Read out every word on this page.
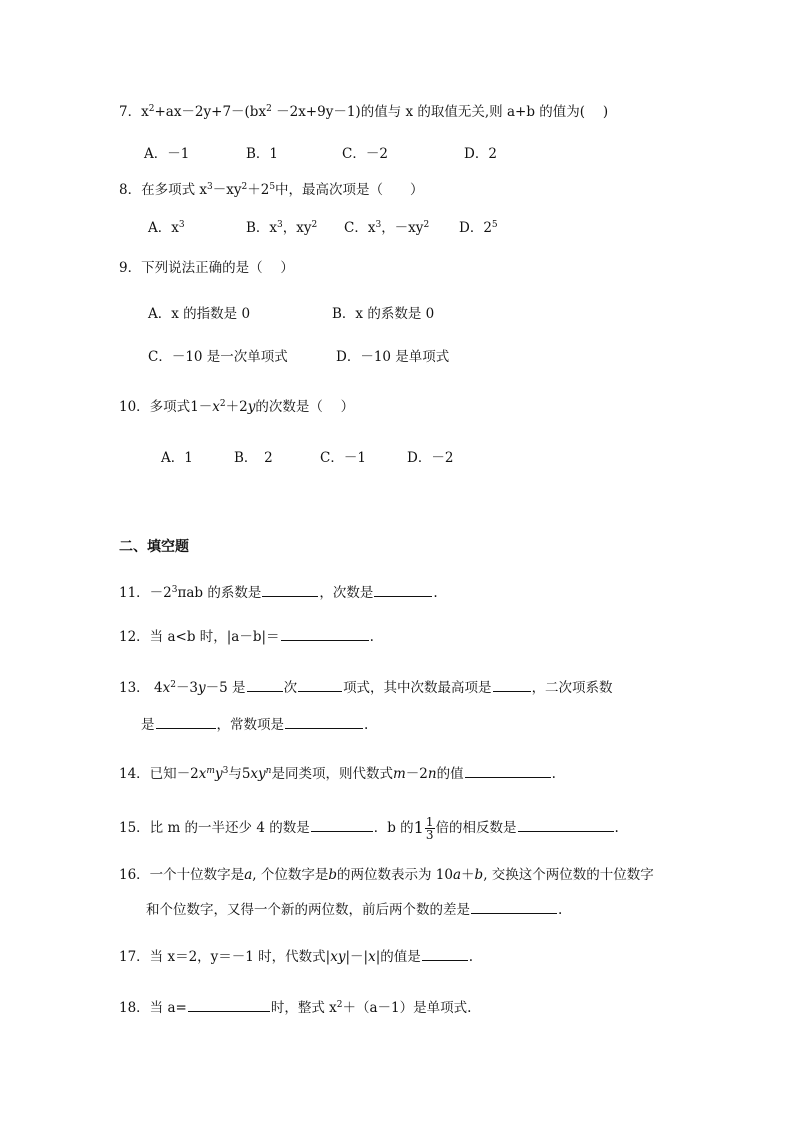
7．$x^2+ax-2y+7-(bx^2 -2x+9y-1)$的值与 x 的取值无关,则 a+b 的值为(　 )
A．－1	B．1	C．－2	D．2
8．在多项式 $x^3-xy^2+2^5$中，最高次项是（　　）
A．$x^3$	B．$x^3$，$xy^2$ C．$x^3$，$-xy^2$ D．$2^5$
9．下列说法正确的是（　 ）
A．x 的指数是 0	B．x 的系数是 0
C．－10 是一次单项式	D．－10 是单项式
10．多项式$1-x^2+2y$的次数是（　 ）
A．1	B．　2	C．－1	D．－2
二、填空题
11．$-2^3\pi ab$ 的系数是	，次数是	.
12．当 a<b 时，|a－b|＝	.
13． $4x^2-3y-5$ 是	次	项式，其中次数最高项是	，二次项系数
是	，常数项是	.
14．已知$-2x^my^3$与$5xy^n$是同类项，则代数式m－2n的值	.
15．比 m 的一半还少 4 的数是	．b 的$1 \frac{1}{3}$ 倍的相反数是	.
16．一个十位数字是a, 个位数字是b的两位数表示为 10a＋b, 交换这个两位数的十位数字
和个位数字，又得一个新的两位数，前后两个数的差是	.
17．当 x＝2，y＝－1 时，代数式|xy|－|x|的值是	.
18．当 a=	时，整式 $x^2+(a-1)$是单项式.
